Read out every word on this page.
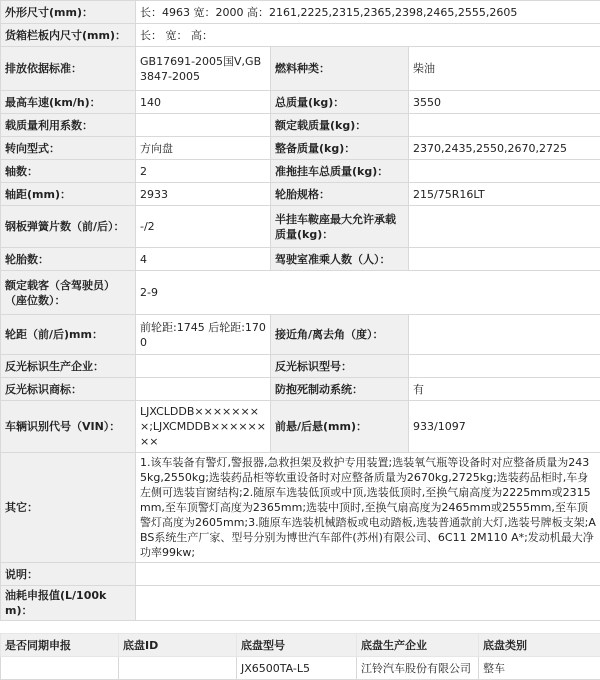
外形尺寸(mm)：	长：4963 宽：2000 高：2161,2225,2315,2365,2398,2465,2555,2605		
货箱栏板内尺寸(mm)：	长： 宽： 高：		
排放依据标准：	GB17691-2005国Ⅴ,GB3847-2005	燃料种类：	柴油
最高车速(km/h)：	140	总质量(kg)：	3550
载质量利用系数：		额定载质量(kg)：	
转向型式：	方向盘	整备质量(kg)：	2370,2435,2550,2670,2725
轴数：	2	准拖挂车总质量(kg)：	
轴距(mm)：	2933	轮胎规格：	215/75R16LT
钢板弹簧片数（前/后）：	-/2	半挂车鞍座最大允许承载质量(kg)：	
轮胎数：	4	驾驶室准乘人数（人）：	
额定载客（含驾驶员）（座位数）：	2-9		
轮距（前/后)mm：	前轮距:1745 后轮距:1700	接近角/离去角（度）：	
反光标识生产企业：		反光标识型号：	
反光标识商标：		防抱死制动系统：	有
车辆识别代号（VIN）：	LJXCLDDB××××××××;LJXCMDDB××××××××	前悬/后悬(mm)：	933/1097
其它：	1.该车装备有警灯,警报器,急救担架及救护专用装置;选装氧气瓶等设备时对应整备质量为2435kg,2550kg;选装药品柜等软重设备时对应整备质量为2670kg,2725kg;选装药品柜时,车身左侧可选装盲窗结构;2.随原车选装低顶或中顶,选装低顶时,至换气扇高度为2225mm或2315mm,至车顶警灯高度为2365mm;选装中顶时,至换气扇高度为2465mm或2555mm,至车顶警灯高度为2605mm;3.随原车选装机械踏板或电动踏板,选装普通款前大灯,选装号牌板支架;ABS系统生产厂家、型号分别为博世汽车部件(苏州)有限公司、6C11 2M110 A*;发动机最大净功率99kw;		
说明：			
油耗申报值(L/100km)：			
是否同期申报	底盘ID	底盘型号	底盘生产企业	底盘类别
		JX6500TA-L5	江铃汽车股份有限公司	整车
